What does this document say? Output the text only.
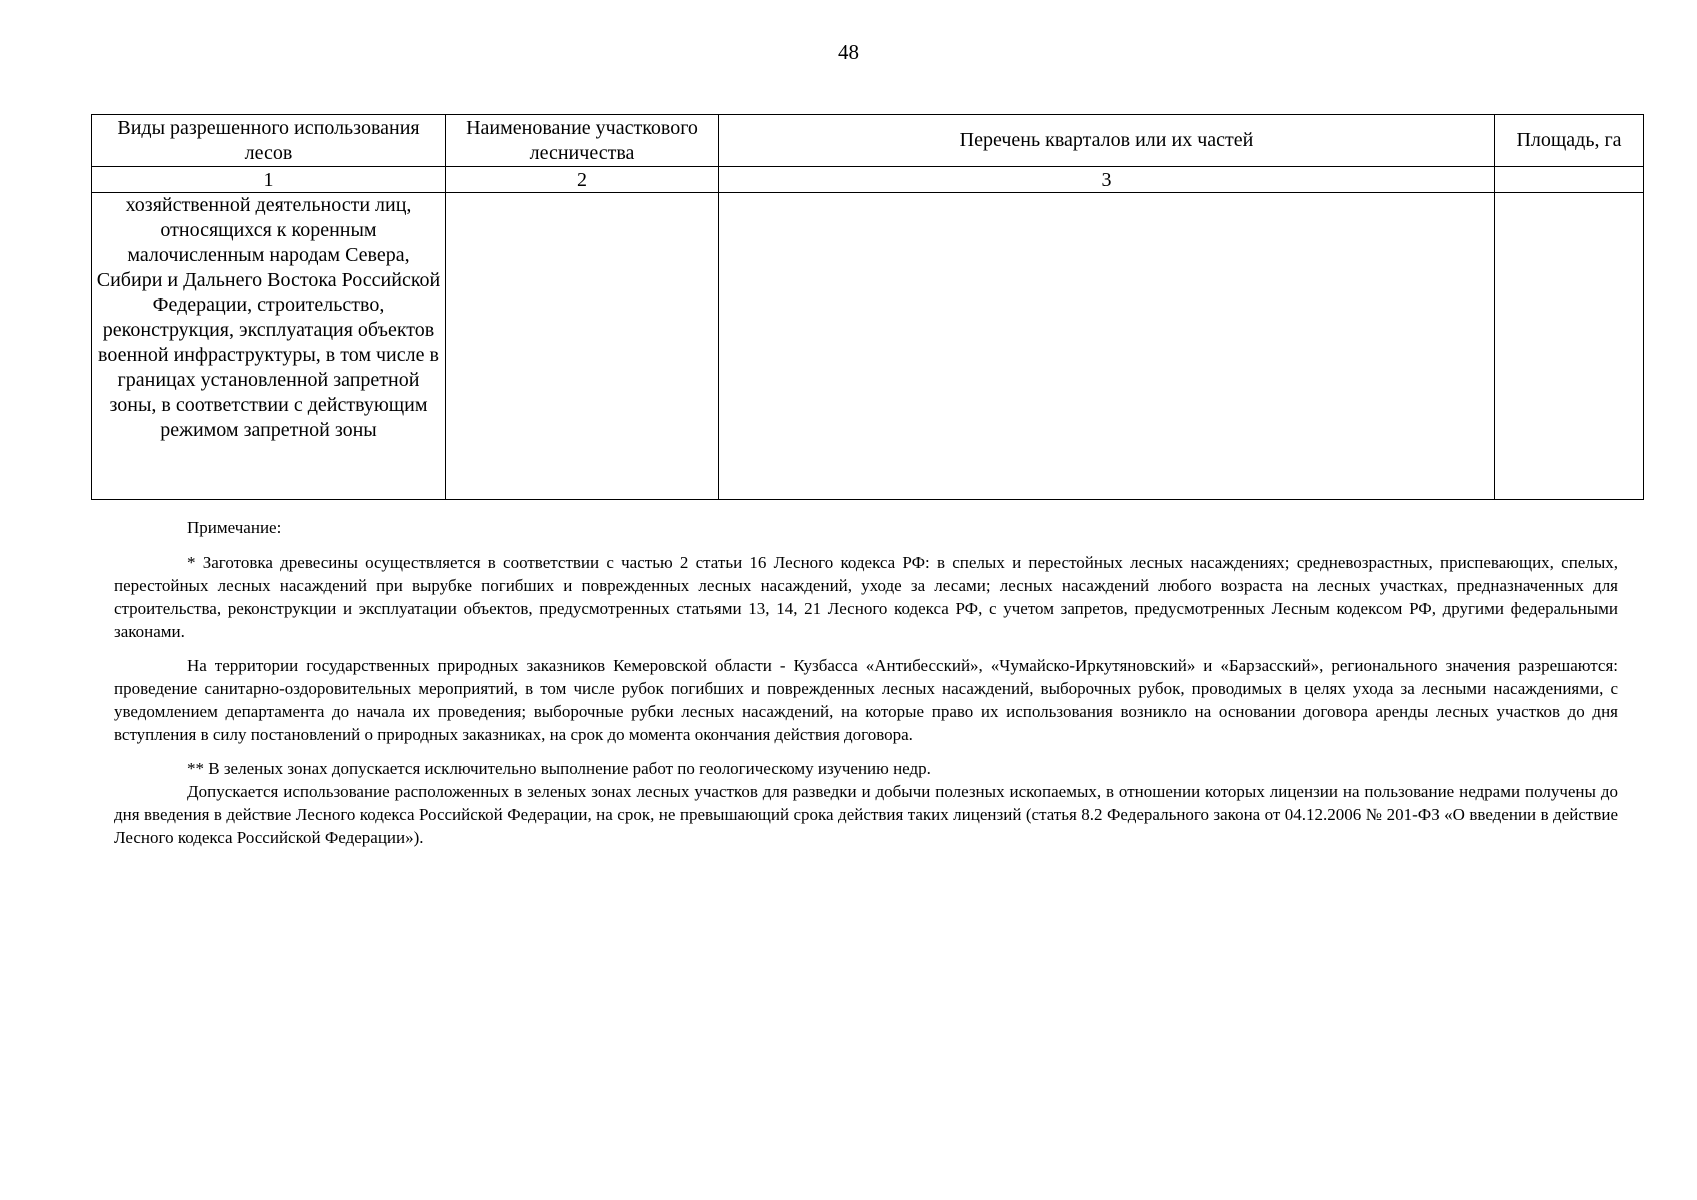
48
Виды разрешенного использования лесов	Наименование участкового лесничества	Перечень кварталов или их частей	Площадь, га
1	2	3	
хозяйственной деятельности лиц, относящихся к коренным малочисленным народам Севера, Сибири и Дальнего Востока Российской Федерации, строительство, реконструкция, эксплуатация объектов военной инфраструктуры, в том числе в границах установленной запретной зоны, в соответствии с действующим режимом запретной зоны			

Примечание:

* Заготовка древесины осуществляется в соответствии с частью 2 статьи 16 Лесного кодекса РФ: в спелых и перестойных лесных насаждениях; средневозрастных, приспевающих, спелых, перестойных лесных насаждений при вырубке погибших и поврежденных лесных насаждений, уходе за лесами; лесных насаждений любого возраста на лесных участках, предназначенных для строительства, реконструкции и эксплуатации объектов, предусмотренных статьями 13, 14, 21 Лесного кодекса РФ, с учетом запретов, предусмотренных Лесным кодексом РФ, другими федеральными законами.

На территории государственных природных заказников Кемеровской области - Кузбасса «Антибесский», «Чумайско-Иркутяновский» и «Барзасский», регионального значения разрешаются: проведение санитарно-оздоровительных мероприятий, в том числе рубок погибших и поврежденных лесных насаждений, выборочных рубок, проводимых в целях ухода за лесными насаждениями, с уведомлением департамента до начала их проведения; выборочные рубки лесных насаждений, на которые право их использования возникло на основании договора аренды лесных участков до дня вступления в силу постановлений о природных заказниках, на срок до момента окончания действия договора.

** В зеленых зонах допускается исключительно выполнение работ по геологическому изучению недр.

Допускается использование расположенных в зеленых зонах лесных участков для разведки и добычи полезных ископаемых, в отношении которых лицензии на пользование недрами получены до дня введения в действие Лесного кодекса Российской Федерации, на срок, не превышающий срока действия таких лицензий (статья 8.2 Федерального закона от 04.12.2006 № 201-ФЗ «О введении в действие Лесного кодекса Российской Федерации»).
